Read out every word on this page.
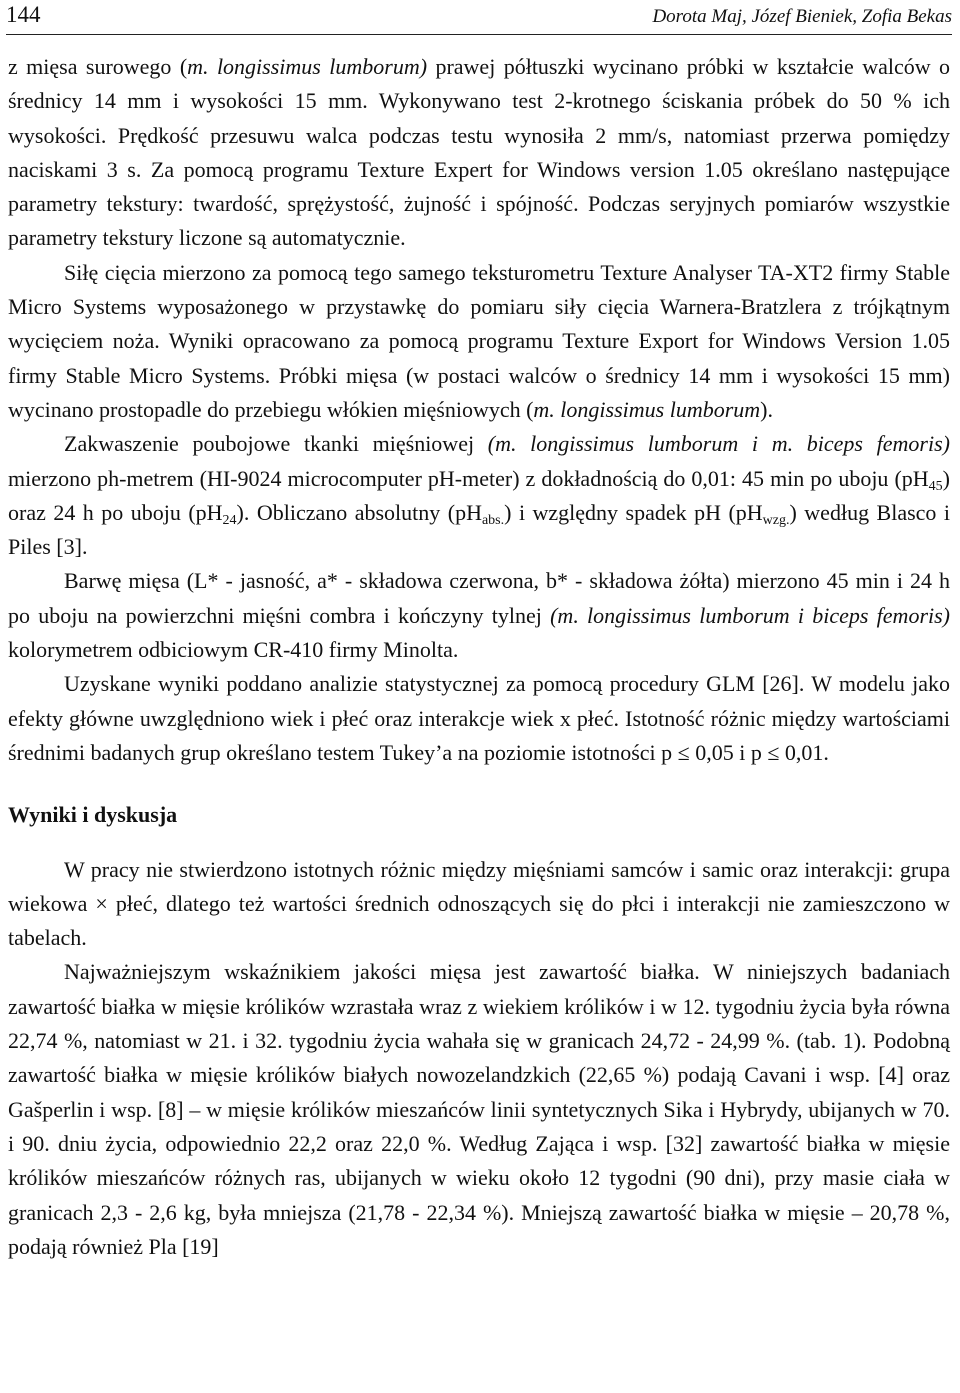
144	Dorota Maj, Józef Bieniek, Zofia Bekas

z mięsa surowego (m. longissimus lumborum) prawej półtuszki wycinano próbki w kształcie walców o średnicy 14 mm i wysokości 15 mm. Wykonywano test 2-krotnego ściskania próbek do 50 % ich wysokości. Prędkość przesuwu walca podczas testu wynosiła 2 mm/s, natomiast przerwa pomiędzy naciskami 3 s. Za pomocą programu Texture Expert for Windows version 1.05 określano następujące parametry tekstury: twardość, sprężystość, żujność i spójność. Podczas seryjnych pomiarów wszystkie parametry tekstury liczone są automatycznie.

Siłę cięcia mierzono za pomocą tego samego teksturometru Texture Analyser TA-XT2 firmy Stable Micro Systems wyposażonego w przystawkę do pomiaru siły cięcia Warnera-Bratzlera z trójkątnym wycięciem noża. Wyniki opracowano za pomocą programu Texture Export for Windows Version 1.05 firmy Stable Micro Systems. Próbki mięsa (w postaci walców o średnicy 14 mm i wysokości 15 mm) wycinano prostopadle do przebiegu włókien mięśniowych (m. longissimus lumborum).

Zakwaszenie poubojowe tkanki mięśniowej (m. longissimus lumborum i m. biceps femoris) mierzono ph-metrem (HI-9024 microcomputer pH-meter) z dokładnością do 0,01: 45 min po uboju $(pH_{45})$ oraz 24 h po uboju $(pH_{24})$. Obliczano absolutny $(pH_{abs.})$ i względny spadek pH $(pH_{wzg.})$ według Blasco i Piles [3].

Barwę mięsa (L* - jasność, a* - składowa czerwona, b* - składowa żółta) mierzono 45 min i 24 h po uboju na powierzchni mięśni combra i kończyny tylnej (m. longissimus lumborum i biceps femoris) kolorymetrem odbiciowym CR-410 firmy Minolta.

Uzyskane wyniki poddano analizie statystycznej za pomocą procedury GLM [26]. W modelu jako efekty główne uwzględniono wiek i płeć oraz interakcje wiek x płeć. Istotność różnic między wartościami średnimi badanych grup określano testem Tukey’a na poziomie istotności p ≤ 0,05 i p ≤ 0,01.

Wyniki i dyskusja

W pracy nie stwierdzono istotnych różnic między mięśniami samców i samic oraz interakcji: grupa wiekowa × płeć, dlatego też wartości średnich odnoszących się do płci i interakcji nie zamieszczono w tabelach.

Najważniejszym wskaźnikiem jakości mięsa jest zawartość białka. W niniejszych badaniach zawartość białka w mięsie królików wzrastała wraz z wiekiem królików i w 12. tygodniu życia była równa 22,74 %, natomiast w 21. i 32. tygodniu życia wahała się w granicach 24,72 - 24,99 %. (tab. 1). Podobną zawartość białka w mięsie królików białych nowozelandzkich (22,65 %) podają Cavani i wsp. [4] oraz Gašperlin i wsp. [8] – w mięsie królików mieszańców linii syntetycznych Sika i Hybrydy, ubijanych w 70. i 90. dniu życia, odpowiednio 22,2 oraz 22,0 %. Według Zająca i wsp. [32] zawartość białka w mięsie królików mieszańców różnych ras, ubijanych w wieku około 12 tygodni (90 dni), przy masie ciała w granicach 2,3 - 2,6 kg, była mniejsza (21,78 - 22,34 %). Mniejszą zawartość białka w mięsie – 20,78 %, podają również Pla [19]
